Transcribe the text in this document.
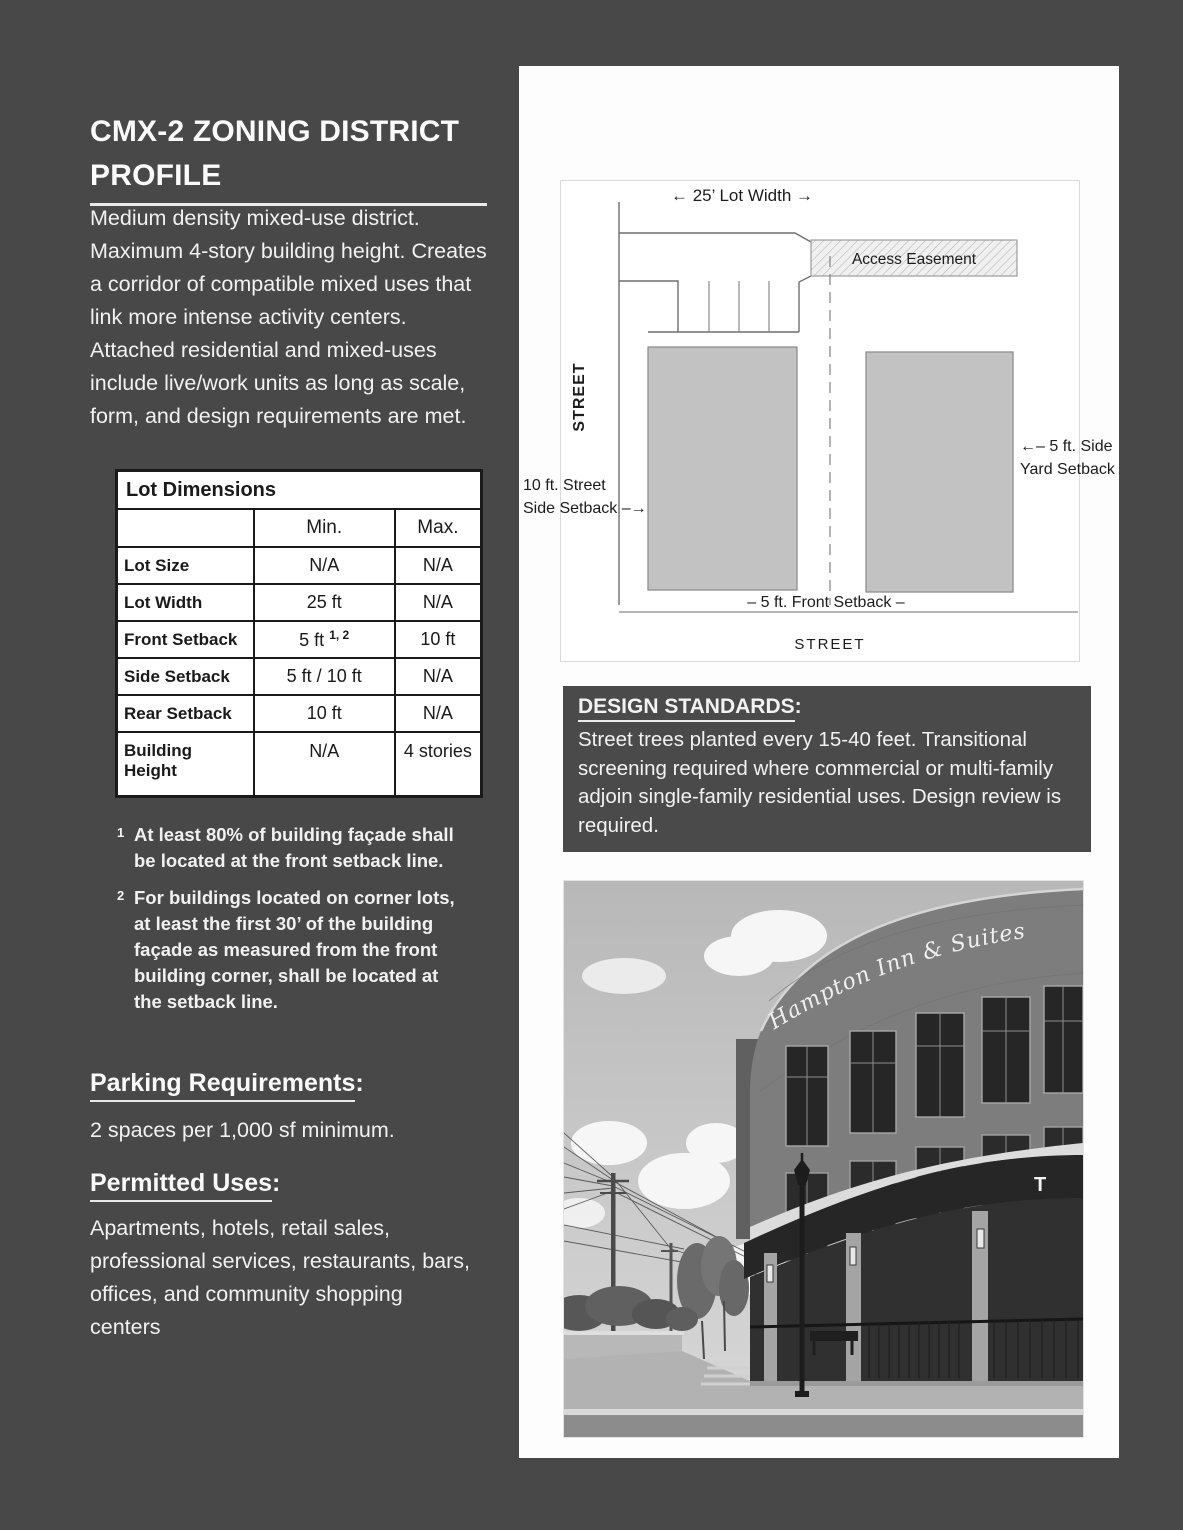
CMX-2 ZONING DISTRICT
PROFILE

Medium density mixed-use district. Maximum 4-story building height. Creates a corridor of compatible mixed uses that link more intense activity centers. Attached residential and mixed-uses include live/work units as long as scale, form, and design requirements are met.

Lot Dimensions		
	Min.	Max.
Lot Size	N/A	N/A
Lot Width	25 ft	N/A
Front Setback	5 ft $^{1, 2}$	10 ft
Side Setback	5 ft / 10 ft	N/A
Rear Setback	10 ft	N/A
Building Height	N/A	4 stories
1 At least 80% of building façade shall be located at the front setback line.
2 For buildings located on corner lots, at least the first 30’ of the building façade as measured from the front building corner, shall be located at the setback line.
Parking Requirements:

2 spaces per 1,000 sf minimum.

Permitted Uses:

Apartments, hotels, retail sales, professional services, restaurants, bars, offices, and community shopping centers

← 25’ Lot Width →
Access Easement
STREET
10 ft. Street
Side Setback –→
←– 5 ft. Side
Yard Setback
– 5 ft. Front Setback –
STREET
DESIGN STANDARDS:

Street trees planted every 15-40 feet. Transitional screening required where commercial or multi-family adjoin single-family residential uses. Design review is required.

Hampton Inn & Suites
T
